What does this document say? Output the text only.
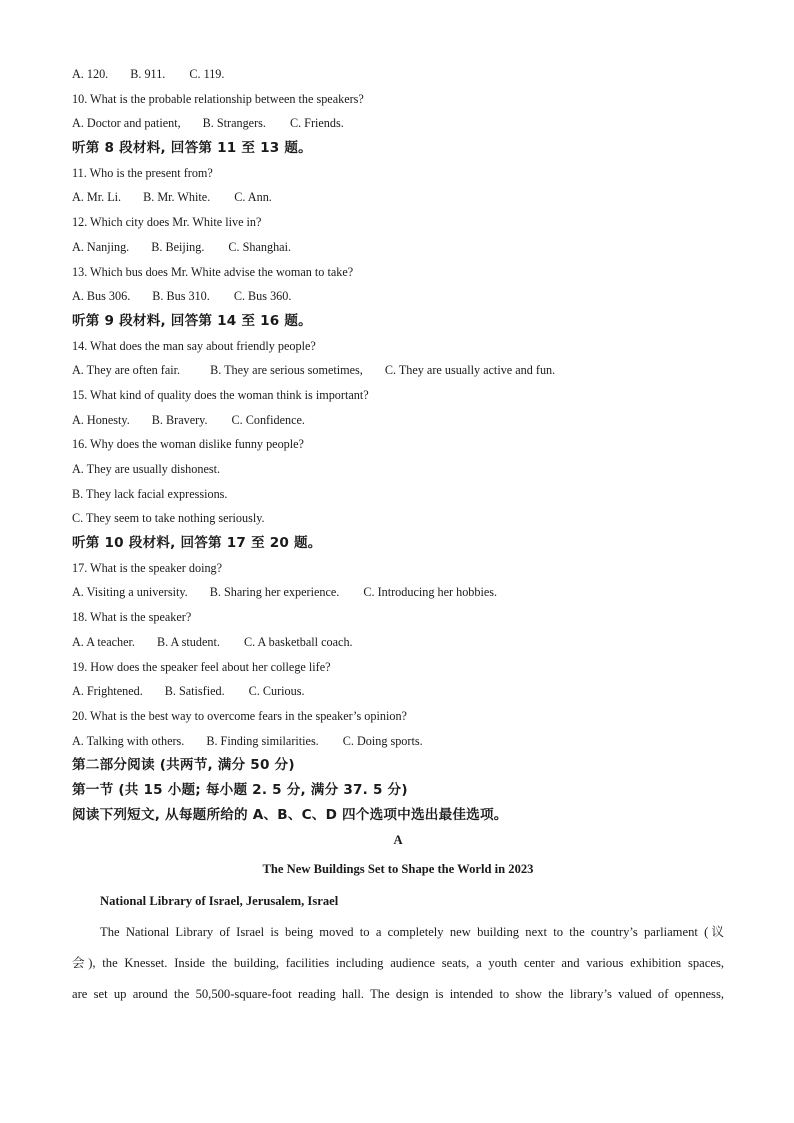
A. 120. B. 911. C. 119.
10. What is the probable relationship between the speakers?
A. Doctor and patient, B. Strangers. C. Friends.
听第 8 段材料, 回答第 11 至 13 题。
11. Who is the present from?
A. Mr. Li. B. Mr. White. C. Ann.
12. Which city does Mr. White live in?
A. Nanjing. B. Beijing. C. Shanghai.
13. Which bus does Mr. White advise the woman to take?
A. Bus 306. B. Bus 310. C. Bus 360.
听第 9 段材料, 回答第 14 至 16 题。
14. What does the man say about friendly people?
A. They are often fair. B. They are serious sometimes, C. They are usually active and fun.
15. What kind of quality does the woman think is important?
A. Honesty. B. Bravery. C. Confidence.
16. Why does the woman dislike funny people?
A. They are usually dishonest.
B. They lack facial expressions.
C. They seem to take nothing seriously.
听第 10 段材料, 回答第 17 至 20 题。
17. What is the speaker doing?
A. Visiting a university. B. Sharing her experience. C. Introducing her hobbies.
18. What is the speaker?
A. A teacher. B. A student. C. A basketball coach.
19. How does the speaker feel about her college life?
A. Frightened. B. Satisfied. C. Curious.
20. What is the best way to overcome fears in the speaker’s opinion?
A. Talking with others. B. Finding similarities. C. Doing sports.
第二部分阅读 (共两节, 满分 50 分)
第一节 (共 15 小题; 每小题 2. 5 分, 满分 37. 5 分)
阅读下列短文, 从每题所给的 A、B、C、D 四个选项中选出最佳选项。
A
The New Buildings Set to Shape the World in 2023
National Library of Israel, Jerusalem, Israel
The National Library of Israel is being moved to a completely new building next to the country’s parliament (议
会), the Knesset. Inside the building, facilities including audience seats, a youth center and various exhibition spaces,
are set up around the 50,500-square-foot reading hall. The design is intended to show the library’s valued of openness,
